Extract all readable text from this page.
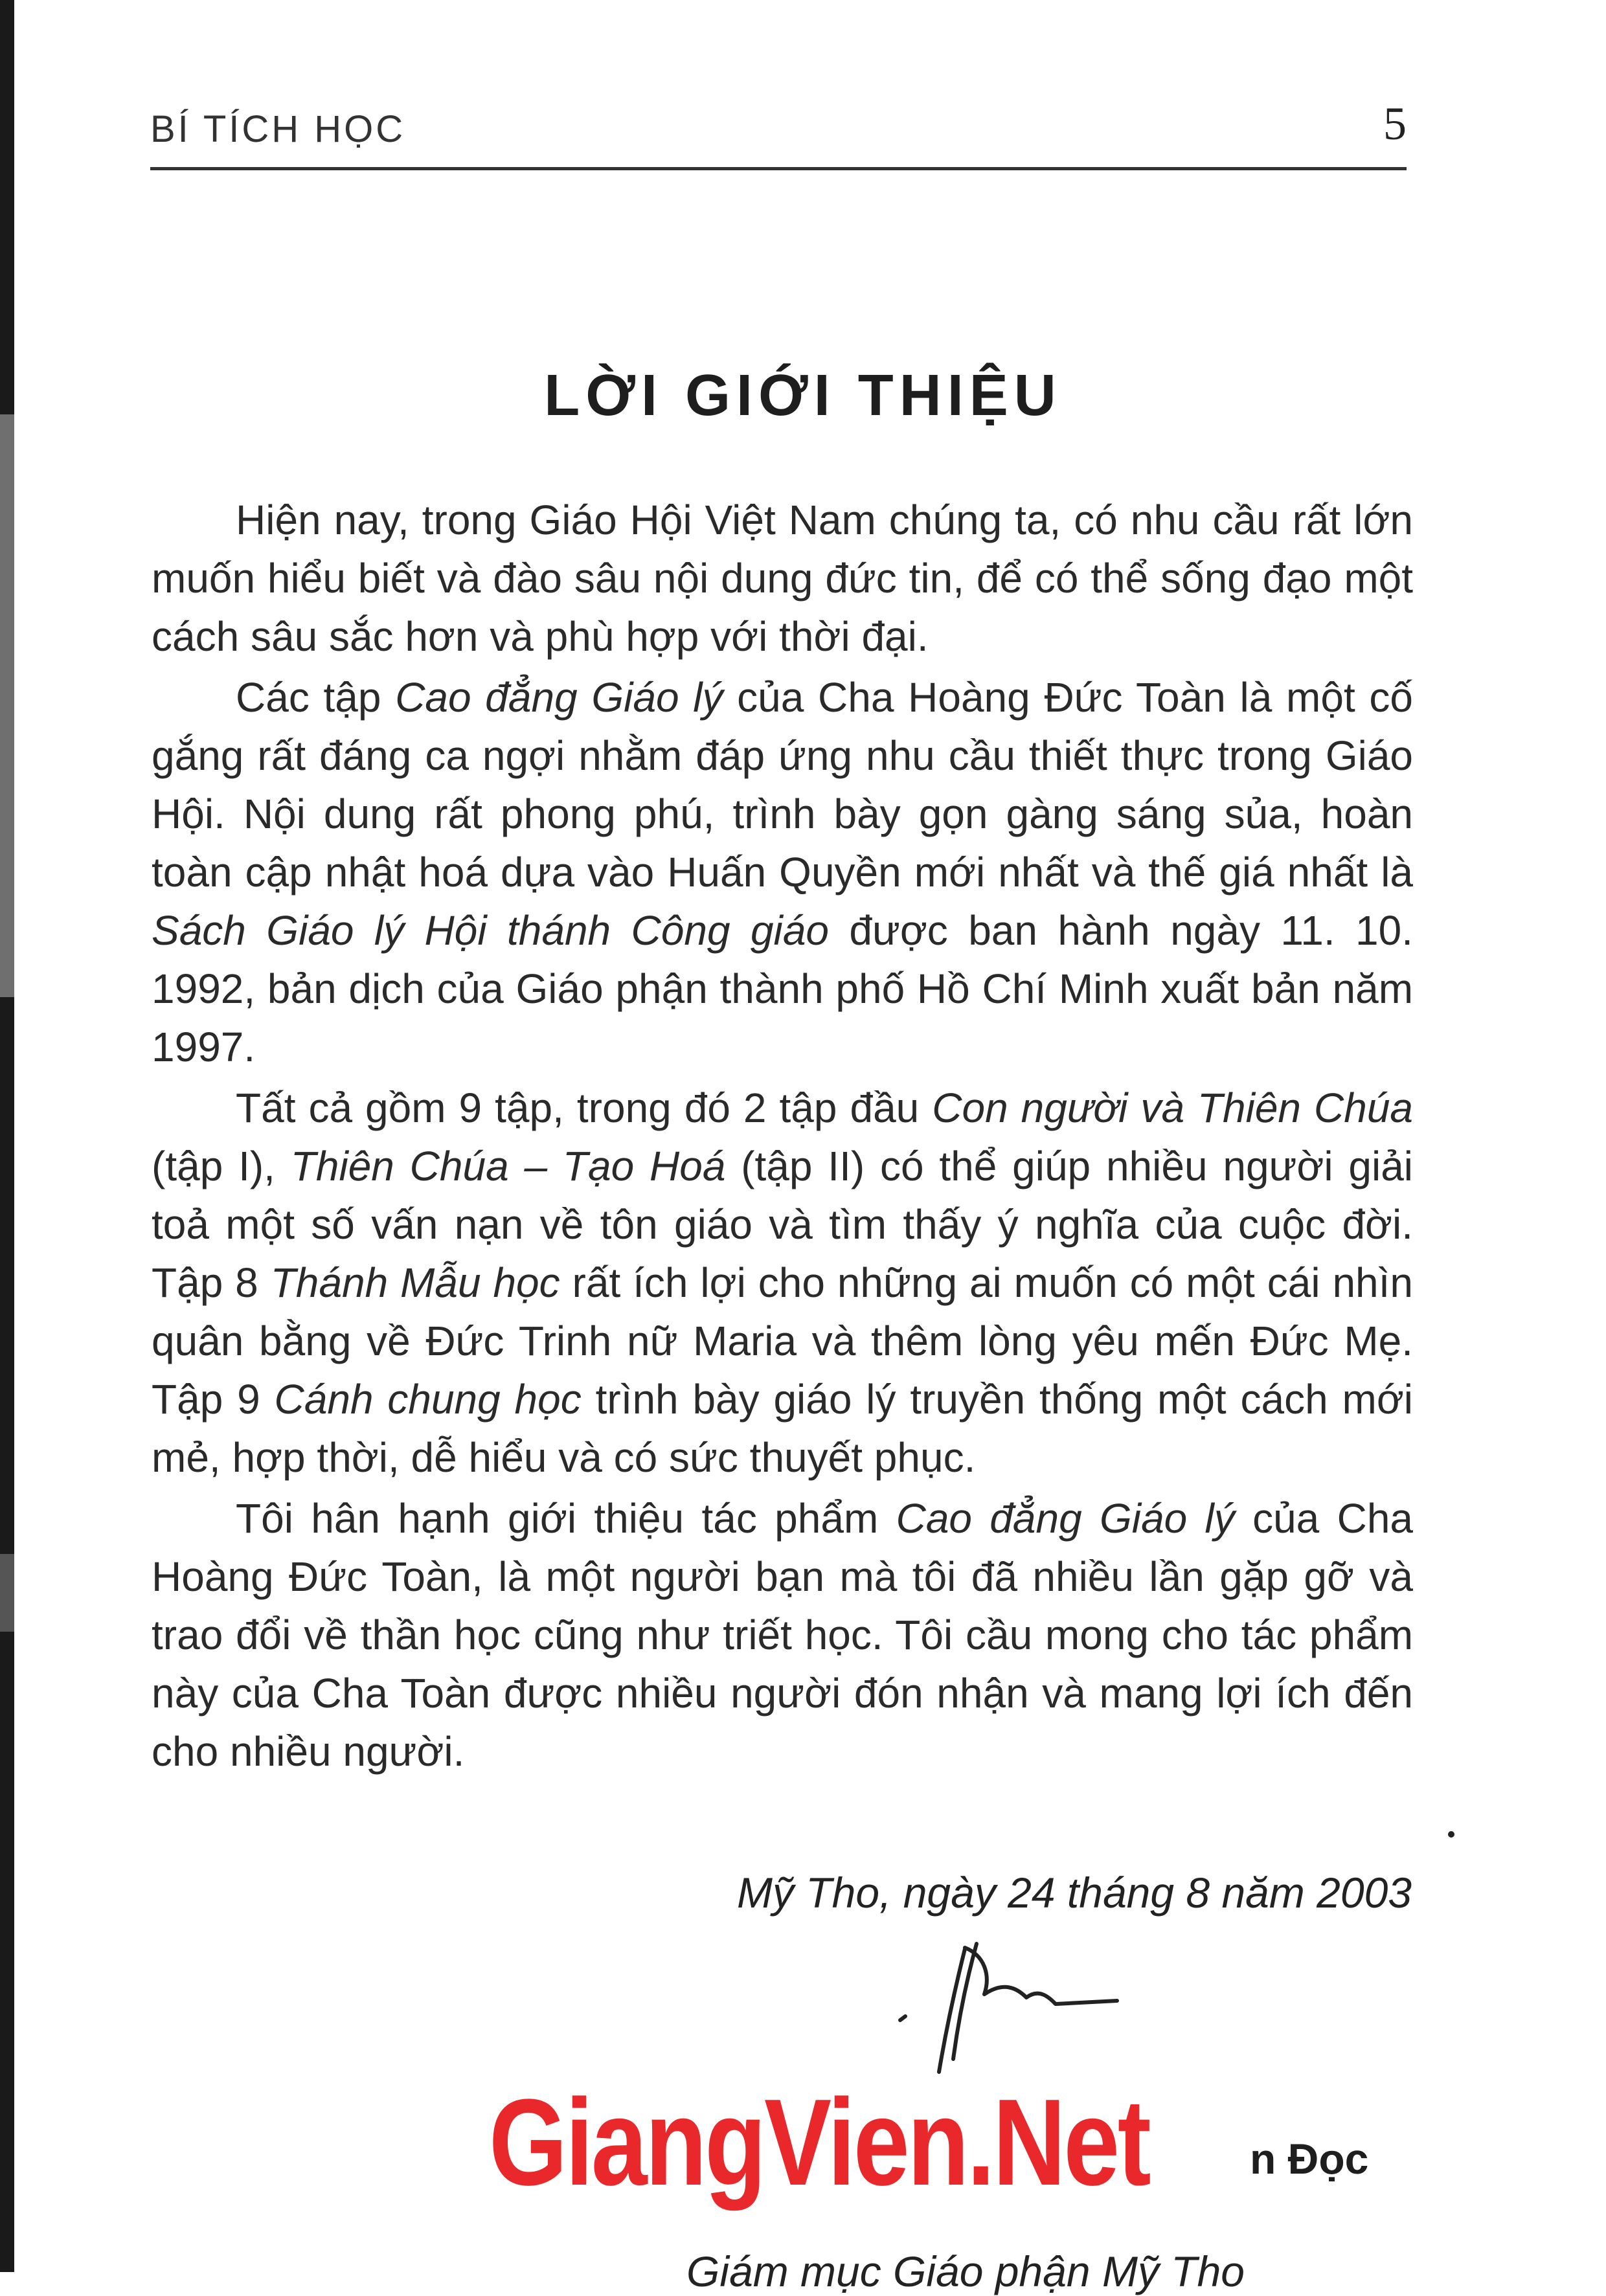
BÍ TÍCH HỌC	5
LỜI GIỚI THIỆU

Hiện nay, trong Giáo Hội Việt Nam chúng ta, có nhu cầu rất lớn muốn hiểu biết và đào sâu nội dung đức tin, để có thể sống đạo một cách sâu sắc hơn và phù hợp với thời đại.

Các tập Cao đẳng Giáo lý của Cha Hoàng Đức Toàn là một cố gắng rất đáng ca ngợi nhằm đáp ứng nhu cầu thiết thực trong Giáo Hội. Nội dung rất phong phú, trình bày gọn gàng sáng sủa, hoàn toàn cập nhật hoá dựa vào Huấn Quyền mới nhất và thế giá nhất là Sách Giáo lý Hội thánh Công giáo được ban hành ngày 11. 10. 1992, bản dịch của Giáo phận thành phố Hồ Chí Minh xuất bản năm 1997.

Tất cả gồm 9 tập, trong đó 2 tập đầu Con người và Thiên Chúa (tập I), Thiên Chúa – Tạo Hoá (tập II) có thể giúp nhiều người giải toả một số vấn nạn về tôn giáo và tìm thấy ý nghĩa của cuộc đời. Tập 8 Thánh Mẫu học rất ích lợi cho những ai muốn có một cái nhìn quân bằng về Đức Trinh nữ Maria và thêm lòng yêu mến Đức Mẹ. Tập 9 Cánh chung học trình bày giáo lý truyền thống một cách mới mẻ, hợp thời, dễ hiểu và có sức thuyết phục.

Tôi hân hạnh giới thiệu tác phẩm Cao đẳng Giáo lý của Cha Hoàng Đức Toàn, là một người bạn mà tôi đã nhiều lần gặp gỡ và trao đổi về thần học cũng như triết học. Tôi cầu mong cho tác phẩm này của Cha Toàn được nhiều người đón nhận và mang lợi ích đến cho nhiều người.

Mỹ Tho, ngày 24 tháng 8 năm 2003
GiangVien.Net n Đọc
Giám mục Giáo phận Mỹ Tho
